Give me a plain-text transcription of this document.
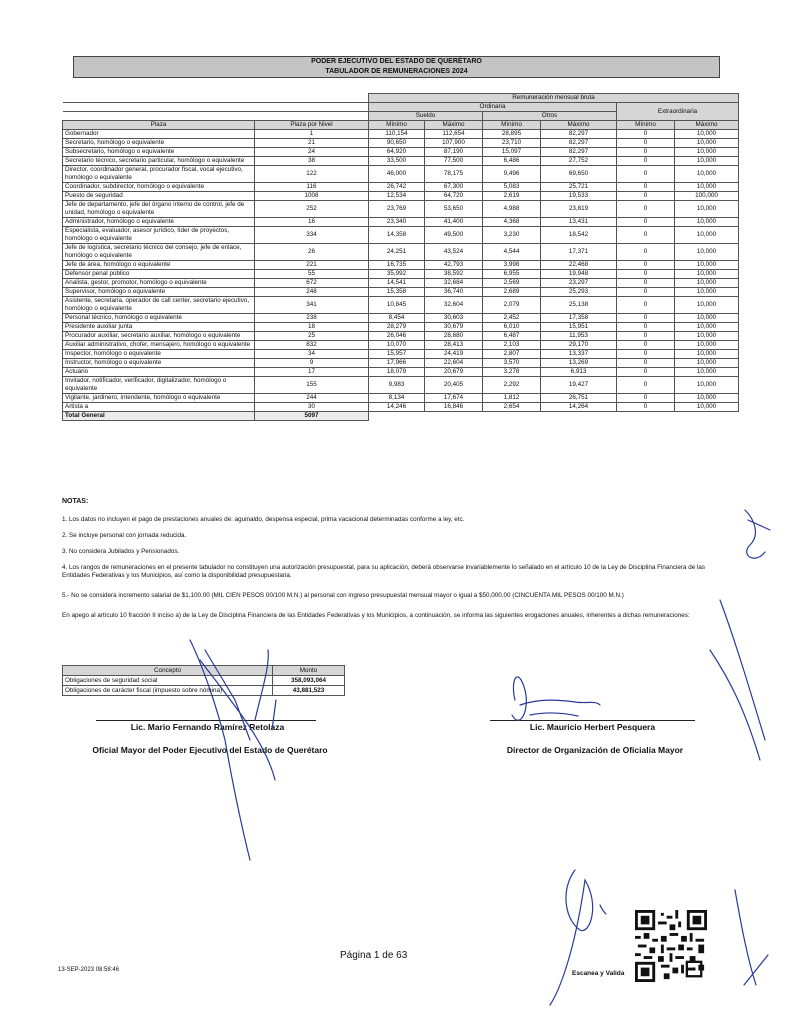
PODER EJECUTIVO DEL ESTADO DE QUERÉTARO
TABULADOR DE REMUNERACIONES 2024
		Remuneración mensual bruta					
		Ordinaria				Extraordinaria	
		Sueldo		Otros			
Plaza	Plaza por Nivel	Mínimo	Máximo	Mínimo	Máximo	Mínimo	Máximo
Gobernador	1	110,154	112,654	28,895	82,297	0	10,000
Secretario, homólogo o equivalente	21	90,650	107,900	23,710	82,297	0	10,000
Subsecretario, homólogo o equivalente	24	64,920	87,190	15,097	82,297	0	10,000
Secretario técnico, secretario particular, homólogo o equivalente	38	33,500	77,500	6,486	27,752	0	10,000
Director, coordinador general, procurador fiscal, vocal ejecutivo, homólogo o equivalente	122	46,000	78,175	9,496	69,650	0	10,000
Coordinador, subdirector, homólogo o equivalente	116	26,742	67,300	5,083	25,721	0	10,000
Puesto de seguridad	1008	12,534	64,720	2,619	19,533	0	100,000
Jefe de departamento, jefe del órgano interno de control, jefe de unidad, homólogo o equivalente	252	23,769	53,650	4,988	23,819	0	10,000
Administrador, homólogo o equivalente	16	23,340	41,400	4,368	13,431	0	10,000
Especialista, evaluador, asesor jurídico, líder de proyectos, homólogo o equivalente	334	14,358	49,500	3,230	18,542	0	10,000
Jefe de logística, secretario técnico del consejo, jefe de enlace, homólogo o equivalente	26	24,251	43,524	4,544	17,371	0	10,000
Jefe de área, homólogo o equivalente	221	16,735	42,793	3,998	22,468	0	10,000
Defensor penal público	55	35,992	38,592	6,955	19,948	0	10,000
Analista, gestor, promotor, homólogo o equivalente	672	14,541	32,684	2,569	23,297	0	10,000
Supervisor, homólogo o equivalente	248	15,358	36,740	2,689	25,293	0	10,000
Asistente, secretaria, operador de call center, secretario ejecutivo, homólogo o equivalente	341	10,845	32,604	2,079	25,138	0	10,000
Personal técnico, homólogo o equivalente	238	8,454	30,603	2,452	17,358	0	10,000
Presidente auxiliar junta	18	28,279	30,679	6,010	15,951	0	10,000
Procurador auxiliar, secretario auxiliar, homólogo o equivalente	25	26,046	28,680	6,487	11,953	0	10,000
Auxiliar administrativo, chofer, mensajero, homólogo o equivalente	832	10,070	28,413	2,103	29,170	0	10,000
Inspector, homólogo o equivalente	34	15,957	24,419	2,807	13,337	0	10,000
Instructor, homólogo o equivalente	9	17,966	22,604	3,570	13,269	0	10,000
Actuario	17	18,079	20,679	3,278	6,913	0	10,000
Invitador, notificador, verificador, digitalizador, homólogo o equivalente	155	9,983	20,405	2,292	19,427	0	10,000
Vigilante, jardinero, intendente, homólogo o equivalente	244	8,134	17,674	1,812	26,751	0	10,000
Artista a	30	14,246	16,846	2,654	14,264	0	10,000
Total General	5097						
NOTAS:
1. Los datos no incluyen el pago de prestaciones anuales de: aguinaldo, despensa especial, prima vacacional determinadas conforme a ley, etc.
2. Se incluye personal con jornada reducida.
3. No considera Jubilados y Pensionados.
4. Los rangos de remuneraciones en el presente tabulador no constituyen una autorización presupuestal, para su aplicación, deberá observarse invariablemente lo señalado en el artículo 10 de la Ley de Disciplina Financiera de las Entidades Federativas y los Municipios, así como la disponibilidad presupuestaria.
5.- No se considera incremento salarial de $1,100.00 (MIL CIEN PESOS 00/100 M.N.) al personal con ingreso presupuestal mensual mayor o igual a $50,000.00 (CINCUENTA MIL PESOS 00/100 M.N.)
En apego al artículo 10 fracción II inciso a) de la Ley de Disciplina Financiera de las Entidades Federativas y los Municipios, a continuación, se informa las siguientes erogaciones anuales, inherentes a dichas remuneraciones:
Concepto	Monto
Obligaciones de seguridad social	358,093,064
Obligaciones de carácter fiscal (impuesto sobre nómina)	43,881,523
Lic. Mario Fernando Ramírez Retolaza
Oficial Mayor del Poder Ejecutivo del Estado de Querétaro
Lic. Mauricio Herbert Pesquera
Director de Organización de Oficialía Mayor
Página 1 de 63
13-SEP-2023 08:58:46	Escanea y Valida
